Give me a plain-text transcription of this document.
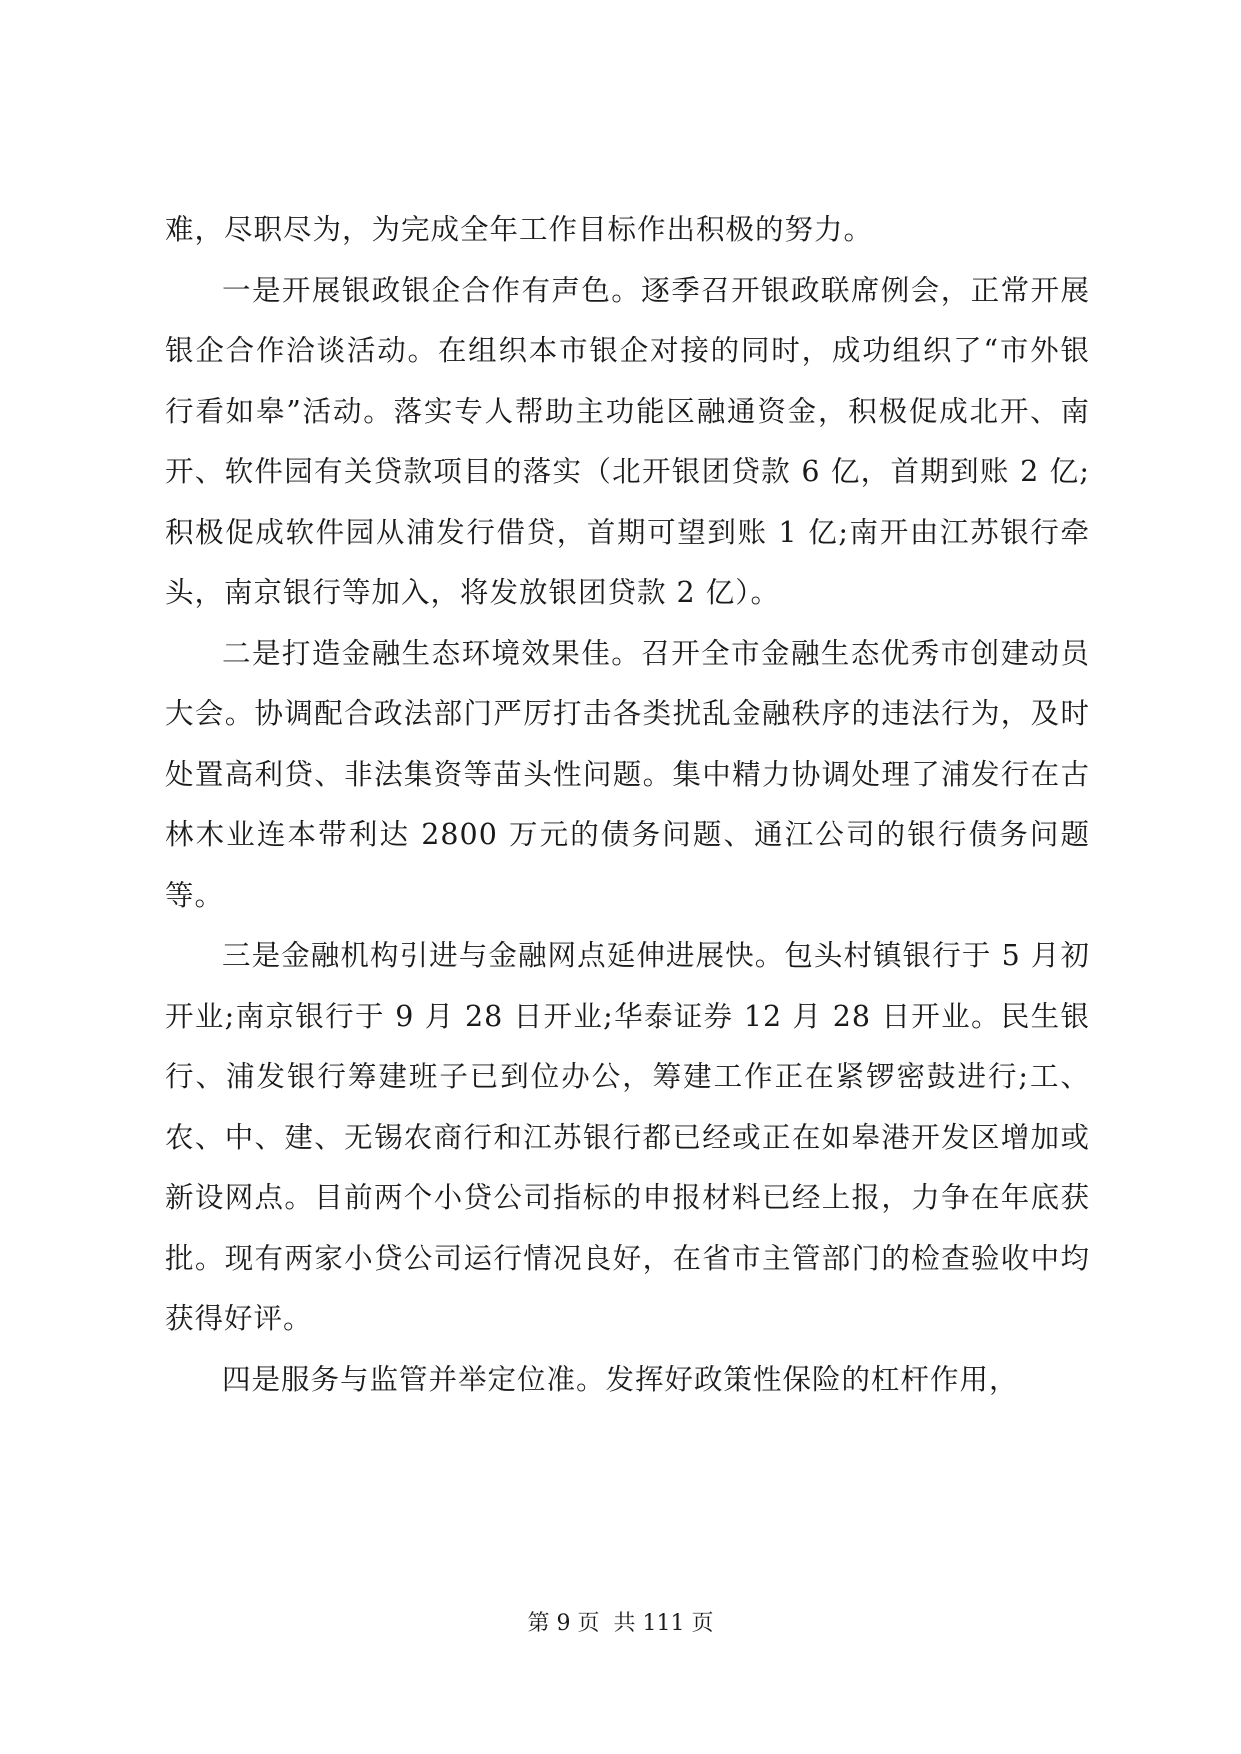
难，尽职尽为，为完成全年工作目标作出积极的努力。

一是开展银政银企合作有声色。逐季召开银政联席例会，正常开展银企合作洽谈活动。在组织本市银企对接的同时，成功组织了“市外银行看如皋”活动。落实专人帮助主功能区融通资金，积极促成北开、南开、软件园有关贷款项目的落实（北开银团贷款 6 亿，首期到账 2 亿;积极促成软件园从浦发行借贷，首期可望到账 1 亿;南开由江苏银行牵头，南京银行等加入，将发放银团贷款 2 亿）。

二是打造金融生态环境效果佳。召开全市金融生态优秀市创建动员大会。协调配合政法部门严厉打击各类扰乱金融秩序的违法行为，及时处置高利贷、非法集资等苗头性问题。集中精力协调处理了浦发行在古林木业连本带利达 2800 万元的债务问题、通江公司的银行债务问题等。

三是金融机构引进与金融网点延伸进展快。包头村镇银行于 5 月初开业;南京银行于 9 月 28 日开业;华泰证券 12 月 28 日开业。民生银行、浦发银行筹建班子已到位办公，筹建工作正在紧锣密鼓进行;工、农、中、建、无锡农商行和江苏银行都已经或正在如皋港开发区增加或新设网点。目前两个小贷公司指标的申报材料已经上报，力争在年底获批。现有两家小贷公司运行情况良好，在省市主管部门的检查验收中均获得好评。

四是服务与监管并举定位准。发挥好政策性保险的杠杆作用，

第 9 页  共 111 页
